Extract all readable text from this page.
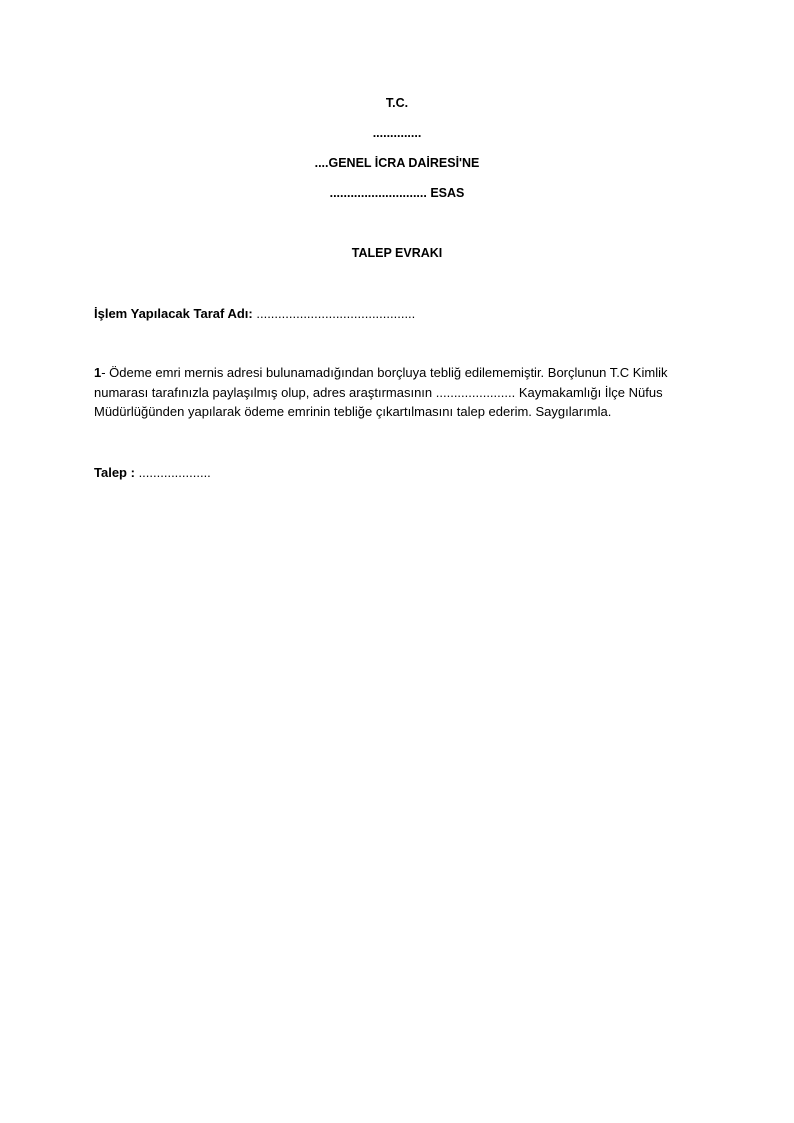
T.C.
..............
....GENEL İCRA DAİRESİ'NE
............................ ESAS
TALEP EVRAKI
İşlem Yapılacak Taraf Adı: ............................................
1- Ödeme emri mernis adresi bulunamadığından borçluya tebliğ edilememiştir. Borçlunun T.C Kimlik numarası tarafınızla paylaşılmış olup, adres araştırmasının ...................... Kaymakamlığı İlçe Nüfus Müdürlüğünden yapılarak ödeme emrinin tebliğe çıkartılmasını talep ederim. Saygılarımla.
Talep : ....................
